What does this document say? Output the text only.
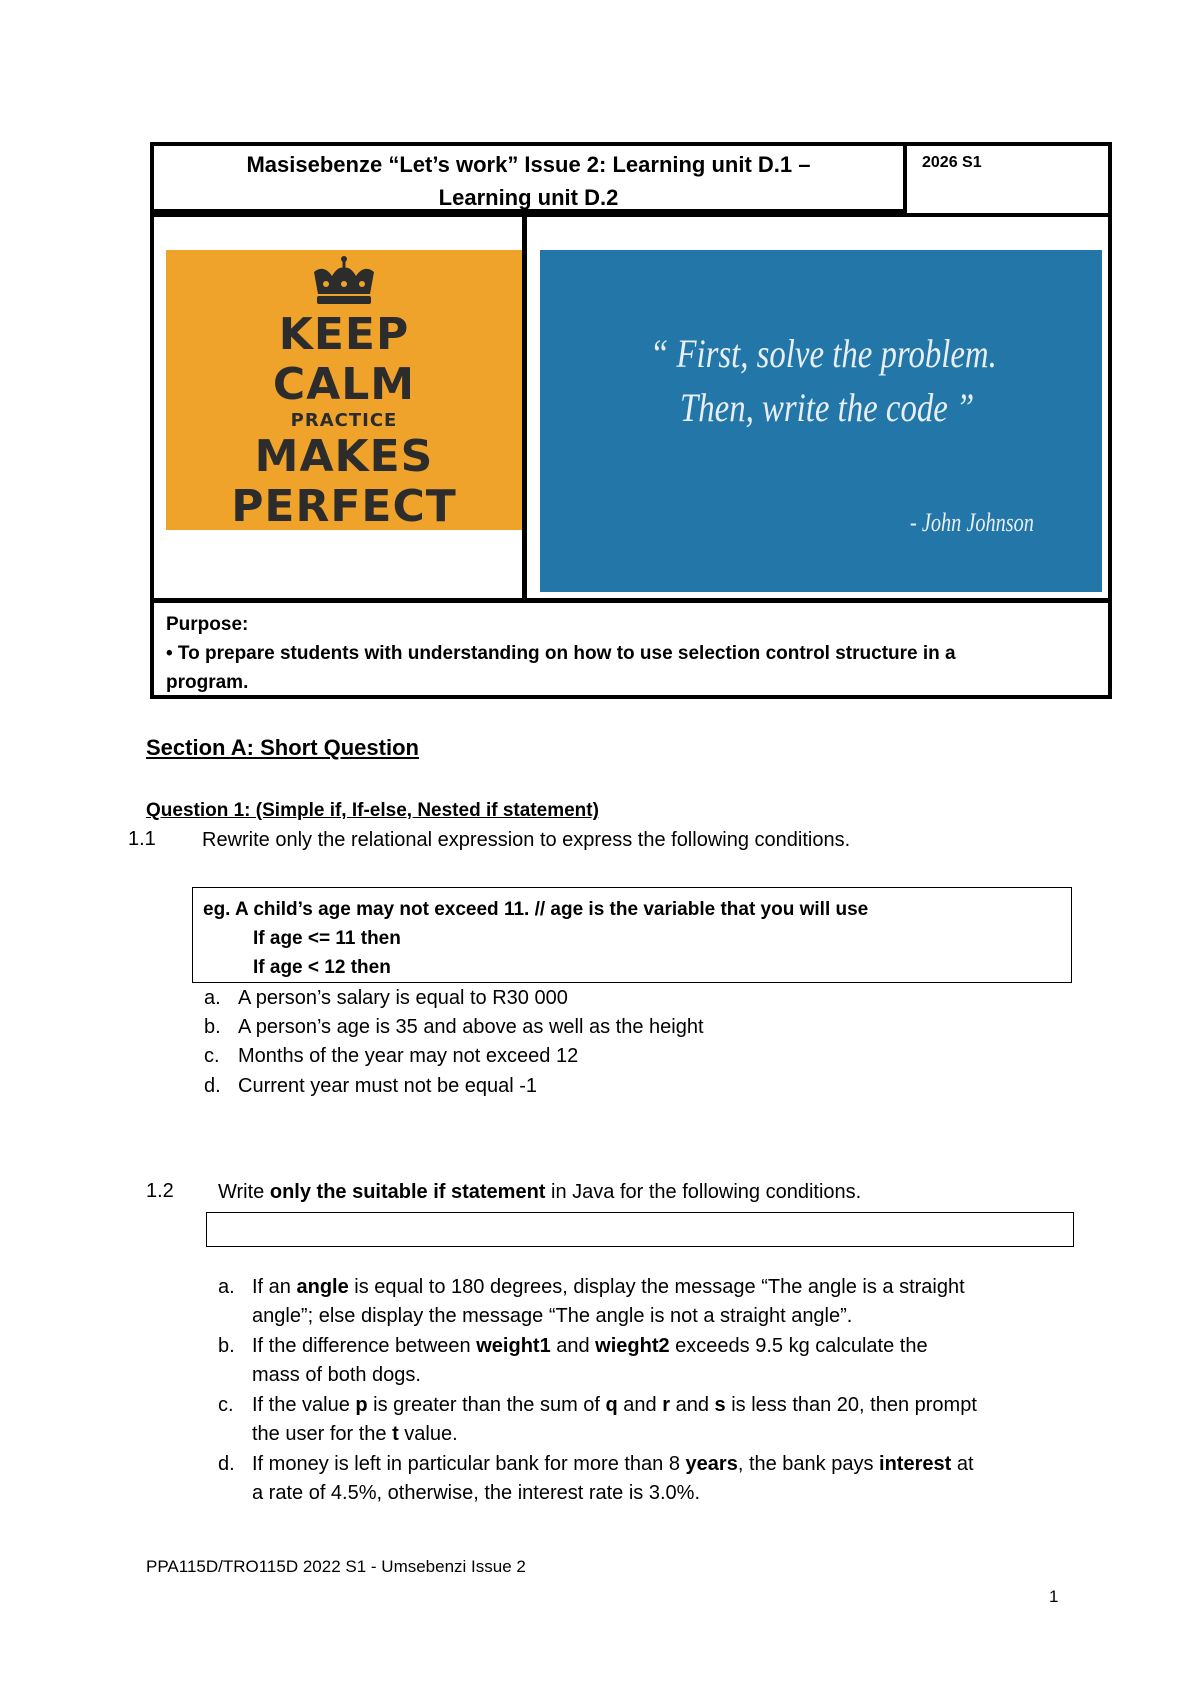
Masisebenze “Let’s work” Issue 2: Learning unit D.1 –
Learning unit D.2
2026 S1
KEEP
CALM
PRACTICE
MAKES
PERFECT
“ First, solve the problem.
Then, write the code ”
- John Johnson
Purpose:
• To prepare students with understanding on how to use selection control structure in a
program.
Section A: Short Question
Question 1: (Simple if, If-else, Nested if statement)
1.1 Rewrite only the relational expression to express the following conditions.
eg. A child’s age may not exceed 11. // age is the variable that you will use
If age <= 11 then
If age < 12 then
a. A person’s salary is equal to R30 000
b. A person’s age is 35 and above as well as the height
c. Months of the year may not exceed 12
d. Current year must not be equal -1
1.2 Write only the suitable if statement in Java for the following conditions.
a. If an angle is equal to 180 degrees, display the message “The angle is a straight
angle”; else display the message “The angle is not a straight angle”.
b. If the difference between weight1 and wieght2 exceeds 9.5 kg calculate the
mass of both dogs.
c. If the value p is greater than the sum of q and r and s is less than 20, then prompt
the user for the t value.
d. If money is left in particular bank for more than 8 years, the bank pays interest at
a rate of 4.5%, otherwise, the interest rate is 3.0%.
PPA115D/TRO115D 2022 S1 - Umsebenzi Issue 2
1
